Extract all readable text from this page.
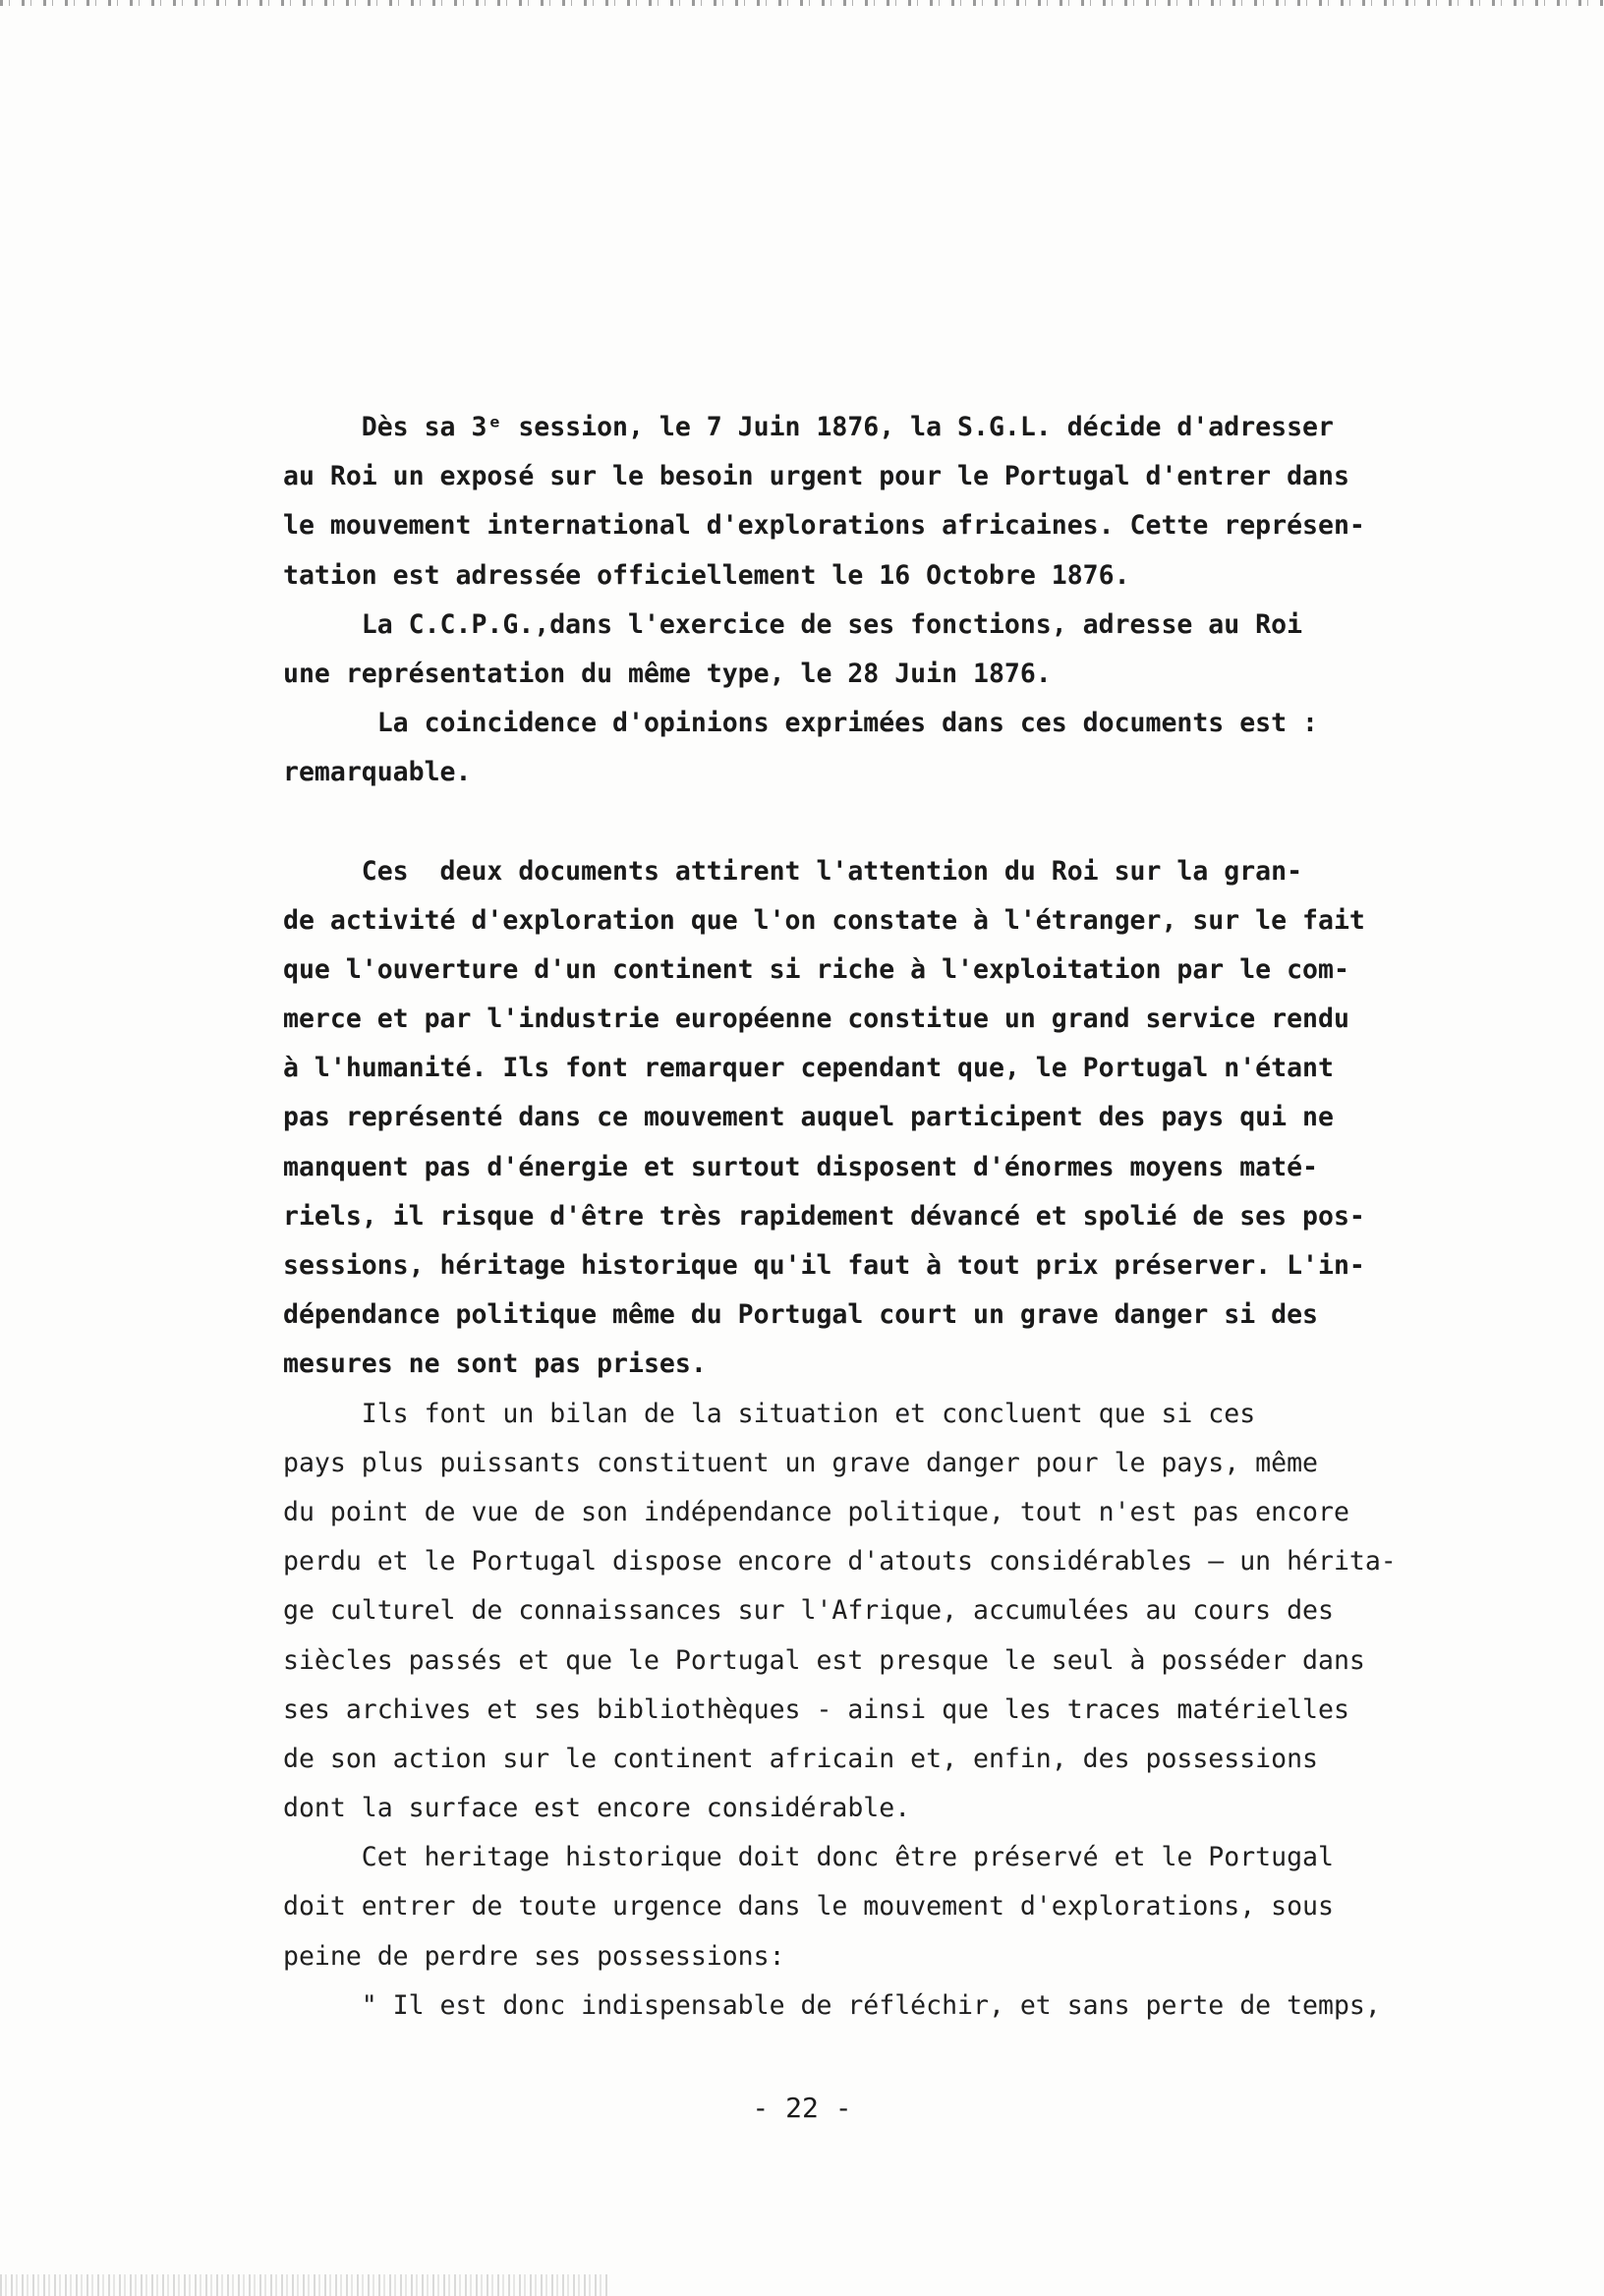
Dès sa 3ᵉ session, le 7 Juin 1876, la S.G.L. décide d'adresser
au Roi un exposé sur le besoin urgent pour le Portugal d'entrer dans
le mouvement international d'explorations africaines. Cette représen-
tation est adressée officiellement le 16 Octobre 1876.
La C.C.P.G.,dans l'exercice de ses fonctions, adresse au Roi
une représentation du même type, le 28 Juin 1876.
La coincidence d'opinions exprimées dans ces documents est :
remarquable.
Ces  deux documents attirent l'attention du Roi sur la gran-
de activité d'exploration que l'on constate à l'étranger, sur le fait
que l'ouverture d'un continent si riche à l'exploitation par le com-
merce et par l'industrie européenne constitue un grand service rendu
à l'humanité. Ils font remarquer cependant que, le Portugal n'étant
pas représenté dans ce mouvement auquel participent des pays qui ne
manquent pas d'énergie et surtout disposent d'énormes moyens maté-
riels, il risque d'être très rapidement dévancé et spolié de ses pos-
sessions, héritage historique qu'il faut à tout prix préserver. L'in-
dépendance politique même du Portugal court un grave danger si des
mesures ne sont pas prises.
Ils font un bilan de la situation et concluent que si ces
pays plus puissants constituent un grave danger pour le pays, même
du point de vue de son indépendance politique, tout n'est pas encore
perdu et le Portugal dispose encore d'atouts considérables — un hérita-
ge culturel de connaissances sur l'Afrique, accumulées au cours des
siècles passés et que le Portugal est presque le seul à posséder dans
ses archives et ses bibliothèques - ainsi que les traces matérielles
de son action sur le continent africain et, enfin, des possessions
dont la surface est encore considérable.
Cet heritage historique doit donc être préservé et le Portugal
doit entrer de toute urgence dans le mouvement d'explorations, sous
peine de perdre ses possessions:
" Il est donc indispensable de réfléchir, et sans perte de temps,
- 22 -
